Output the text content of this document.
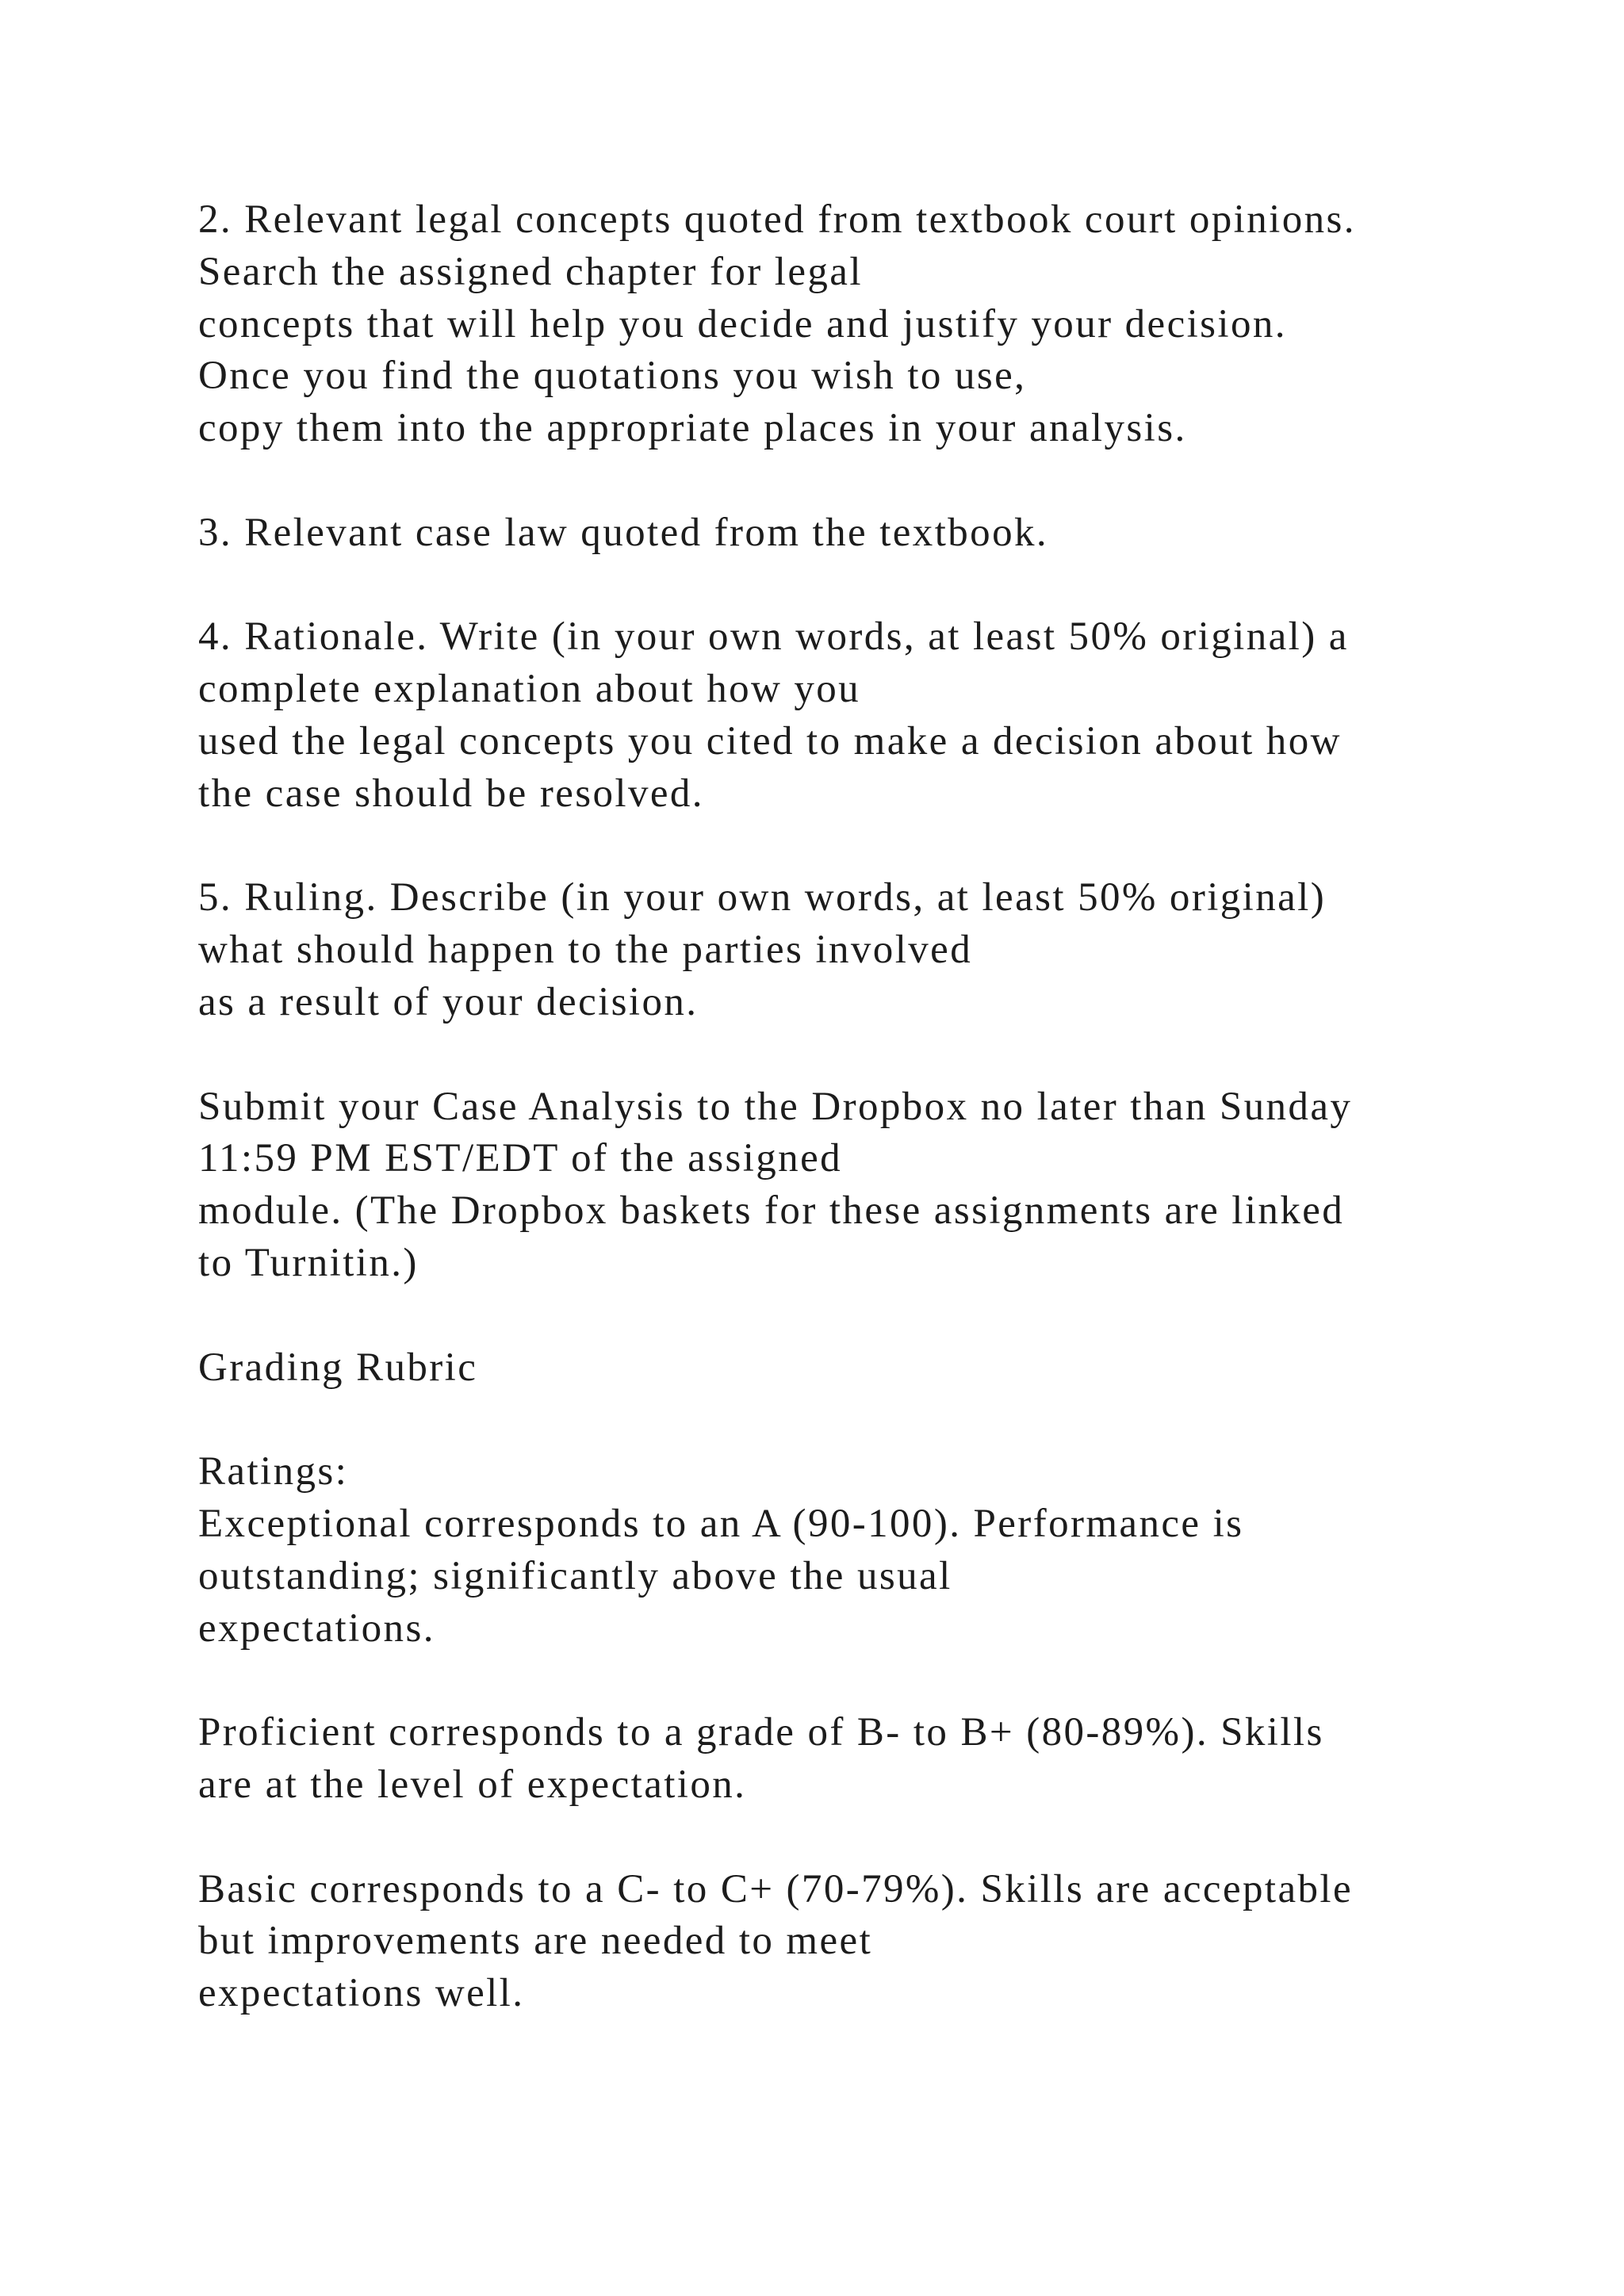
2. Relevant legal concepts quoted from textbook court opinions.
Search the assigned chapter for legal
concepts that will help you decide and justify your decision.
Once you find the quotations you wish to use,
copy them into the appropriate places in your analysis.
3. Relevant case law quoted from the textbook.
4. Rationale. Write (in your own words, at least 50% original) a
complete explanation about how you
used the legal concepts you cited to make a decision about how
the case should be resolved.
5. Ruling. Describe (in your own words, at least 50% original)
what should happen to the parties involved
as a result of your decision.
Submit your Case Analysis to the Dropbox no later than Sunday
11:59 PM EST/EDT of the assigned
module. (The Dropbox baskets for these assignments are linked
to Turnitin.)
Grading Rubric
Ratings:
Exceptional corresponds to an A (90-100). Performance is
outstanding; significantly above the usual
expectations.
Proficient corresponds to a grade of B- to B+ (80-89%). Skills
are at the level of expectation.
Basic corresponds to a C- to C+ (70-79%). Skills are acceptable
but improvements are needed to meet
expectations well.
